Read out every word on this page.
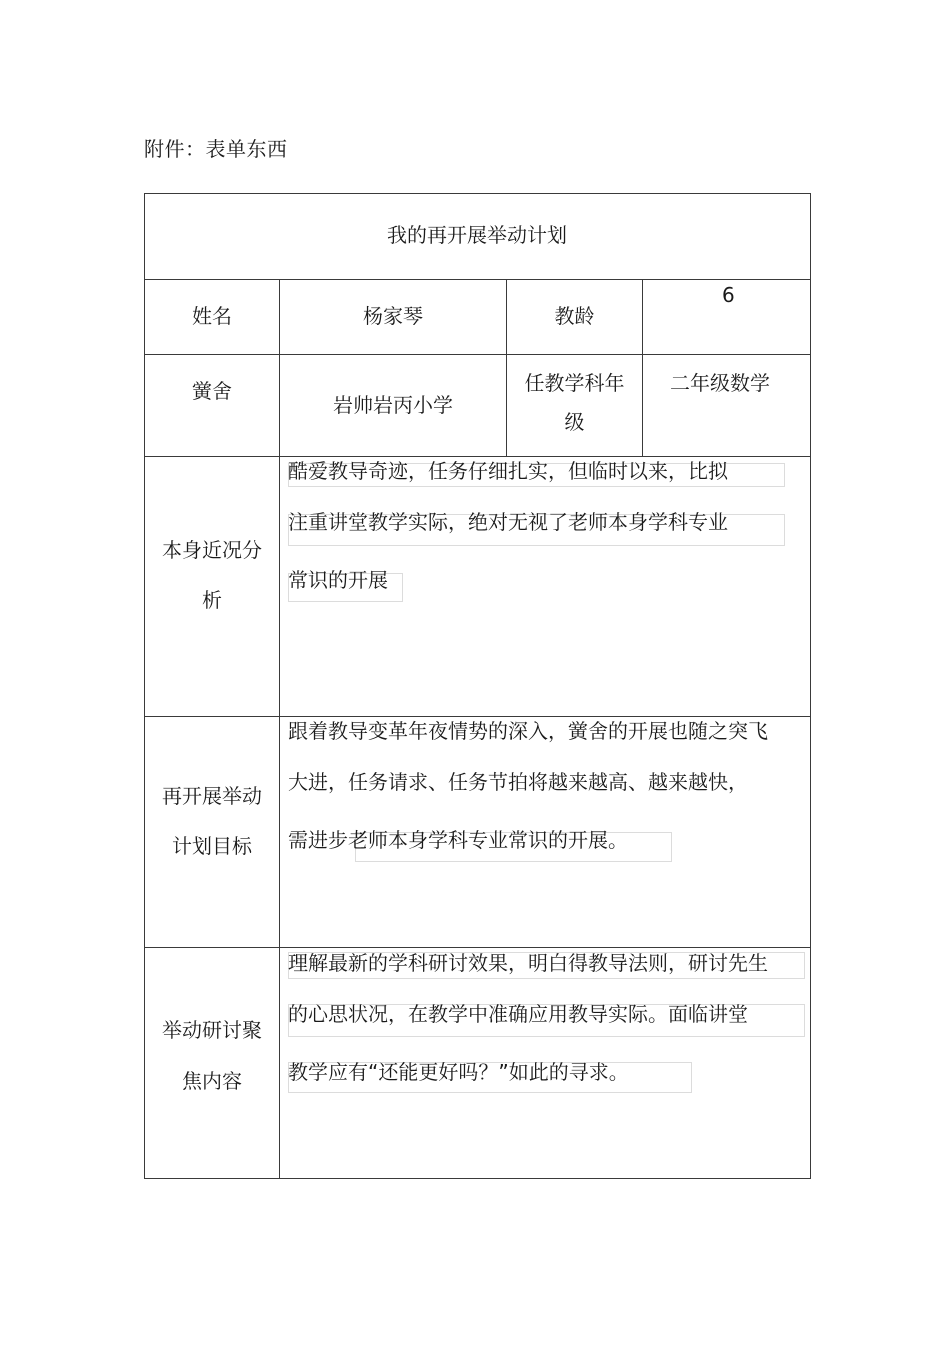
附件：表单东西
我的再开展举动计划
姓名	杨家琴	教龄
6
黉舍
岩帅岩丙小学
任教学科年
级
二年级数学
本身近况分
析
酷爱教导奇迹，任务仔细扎实，但临时以来，比拟
注重讲堂教学实际，绝对无视了老师本身学科专业
常识的开展
再开展举动
计划目标
跟着教导变革年夜情势的深入，黉舍的开展也随之突飞
大进，任务请求、任务节拍将越来越高、越来越快，
需进步老师本身学科专业常识的开展。
举动研讨聚
焦内容
理解最新的学科研讨效果，明白得教导法则，研讨先生
的心思状况，在教学中准确应用教导实际。面临讲堂
教学应有“还能更好吗？”如此的寻求。
